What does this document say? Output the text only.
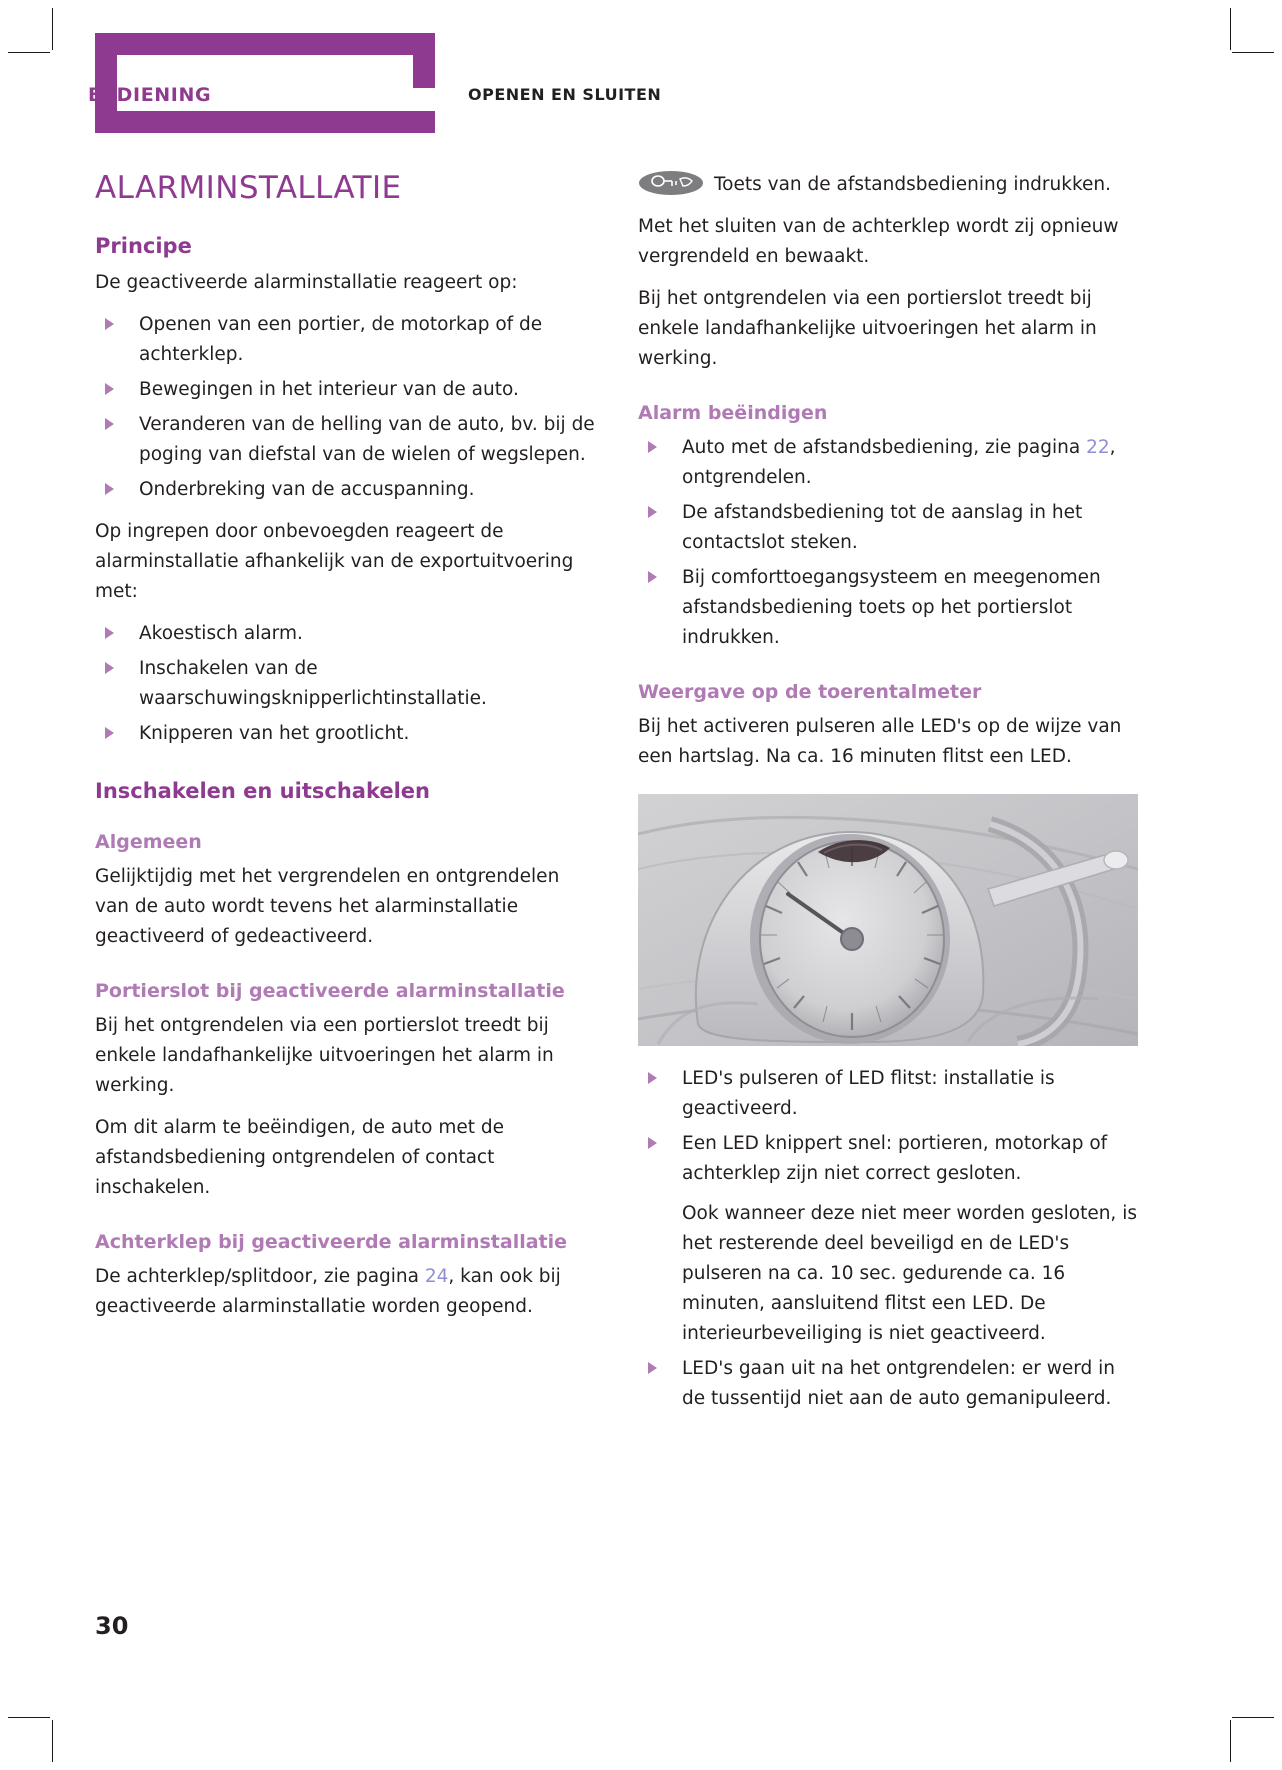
BEDIENING	OPENEN EN SLUITEN
ALARMINSTALLATIE
Principe

De geactiveerde alarminstallatie reageert op:

Openen van een portier, de motorkap of de achterklep.
Bewegingen in het interieur van de auto.
Veranderen van de helling van de auto, bv. bij de poging van diefstal van de wielen of wegslepen.
Onderbreking van de accuspanning.

Op ingrepen door onbevoegden reageert de alarminstallatie afhankelijk van de exportuitvoering met:

Akoestisch alarm.
Inschakelen van de waarschuwingsknipperlichtinstallatie.
Knipperen van het grootlicht.
Inschakelen en uitschakelen
Algemeen

Gelijktijdig met het vergrendelen en ontgrendelen van de auto wordt tevens het alarminstallatie geactiveerd of gedeactiveerd.

Portierslot bij geactiveerde alarminstallatie

Bij het ontgrendelen via een portierslot treedt bij enkele landafhankelijke uitvoeringen het alarm in werking.

Om dit alarm te beëindigen, de auto met de afstandsbediening ontgrendelen of contact inschakelen.

Achterklep bij geactiveerde alarminstallatie

De achterklep/splitdoor, zie pagina 24, kan ook bij geactiveerde alarminstallatie worden geopend.

Toets van de afstandsbediening indrukken.

Met het sluiten van de achterklep wordt zij opnieuw vergrendeld en bewaakt.

Bij het ontgrendelen via een portierslot treedt bij enkele landafhankelijke uitvoeringen het alarm in werking.

Alarm beëindigen
Auto met de afstandsbediening, zie pagina 22, ontgrendelen.
De afstandsbediening tot de aanslag in het contactslot steken.
Bij comforttoegangsysteem en meegenomen afstandsbediening toets op het portierslot indrukken.
Weergave op de toerentalmeter

Bij het activeren pulseren alle LED's op de wijze van een hartslag. Na ca. 16 minuten flitst een LED.

LED's pulseren of LED flitst: installatie is geactiveerd.
Een LED knippert snel: portieren, motorkap of achterklep zijn niet correct gesloten.
Ook wanneer deze niet meer worden gesloten, is het resterende deel beveiligd en de LED's pulseren na ca. 10 sec. gedurende ca. 16 minuten, aansluitend flitst een LED. De interieurbeveiliging is niet geactiveerd.
LED's gaan uit na het ontgrendelen: er werd in de tussentijd niet aan de auto gemanipuleerd.
30
